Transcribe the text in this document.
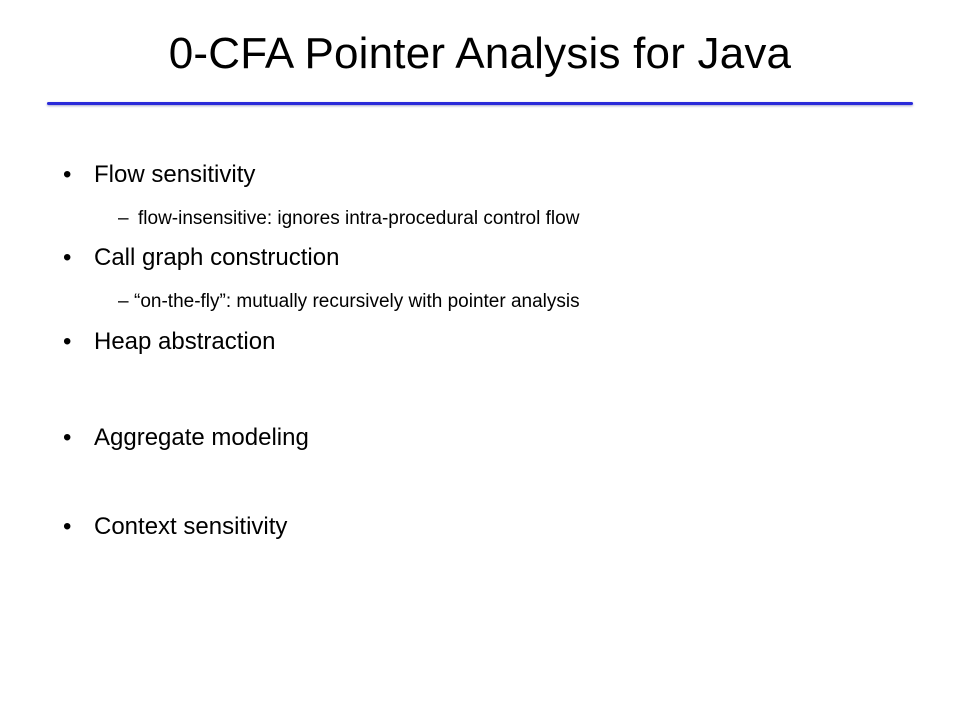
0-CFA Pointer Analysis for Java
• Flow sensitivity
– flow-insensitive: ignores intra-procedural control flow
• Call graph construction
– “on-the-fly”: mutually recursively with pointer analysis
• Heap abstraction
• Aggregate modeling
• Context sensitivity
